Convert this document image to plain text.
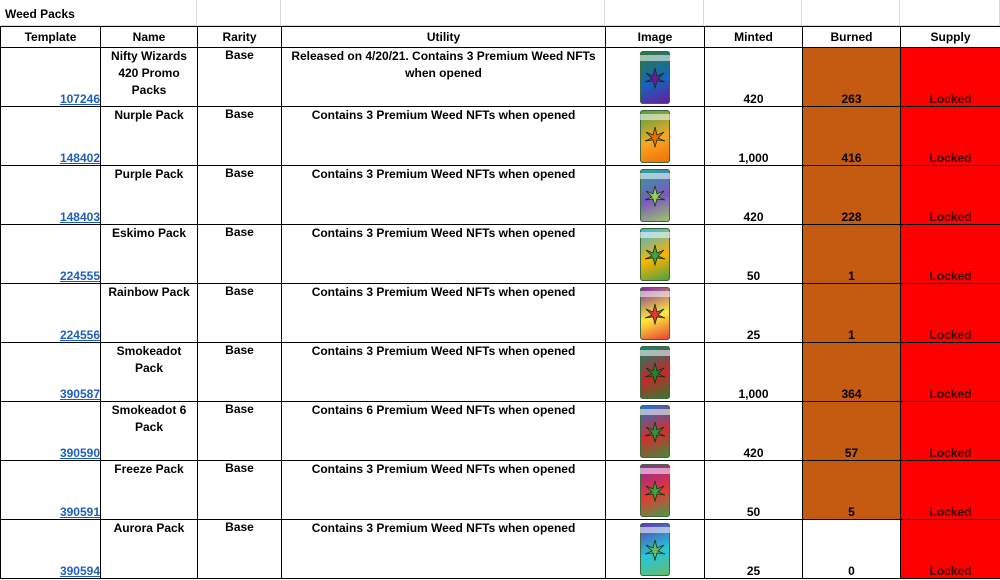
Weed Packs
Template	Name	Rarity	Utility	Image	Minted	Burned	Supply
107246	Nifty Wizards 420 Promo Packs	Base	Released on 4/20/21. Contains 3 Premium Weed NFTs when opened		420	263	Locked
148402	Nurple Pack	Base	Contains 3 Premium Weed NFTs when opened		1,000	416	Locked
148403	Purple Pack	Base	Contains 3 Premium Weed NFTs when opened		420	228	Locked
224555	Eskimo Pack	Base	Contains 3 Premium Weed NFTs when opened		50	1	Locked
224556	Rainbow Pack	Base	Contains 3 Premium Weed NFTs when opened		25	1	Locked
390587	Smokeadot Pack	Base	Contains 3 Premium Weed NFTs when opened		1,000	364	Locked
390590	Smokeadot 6 Pack	Base	Contains 6 Premium Weed NFTs when opened		420	57	Locked
390591	Freeze Pack	Base	Contains 3 Premium Weed NFTs when opened		50	5	Locked
390594	Aurora Pack	Base	Contains 3 Premium Weed NFTs when opened		25	0	Locked
